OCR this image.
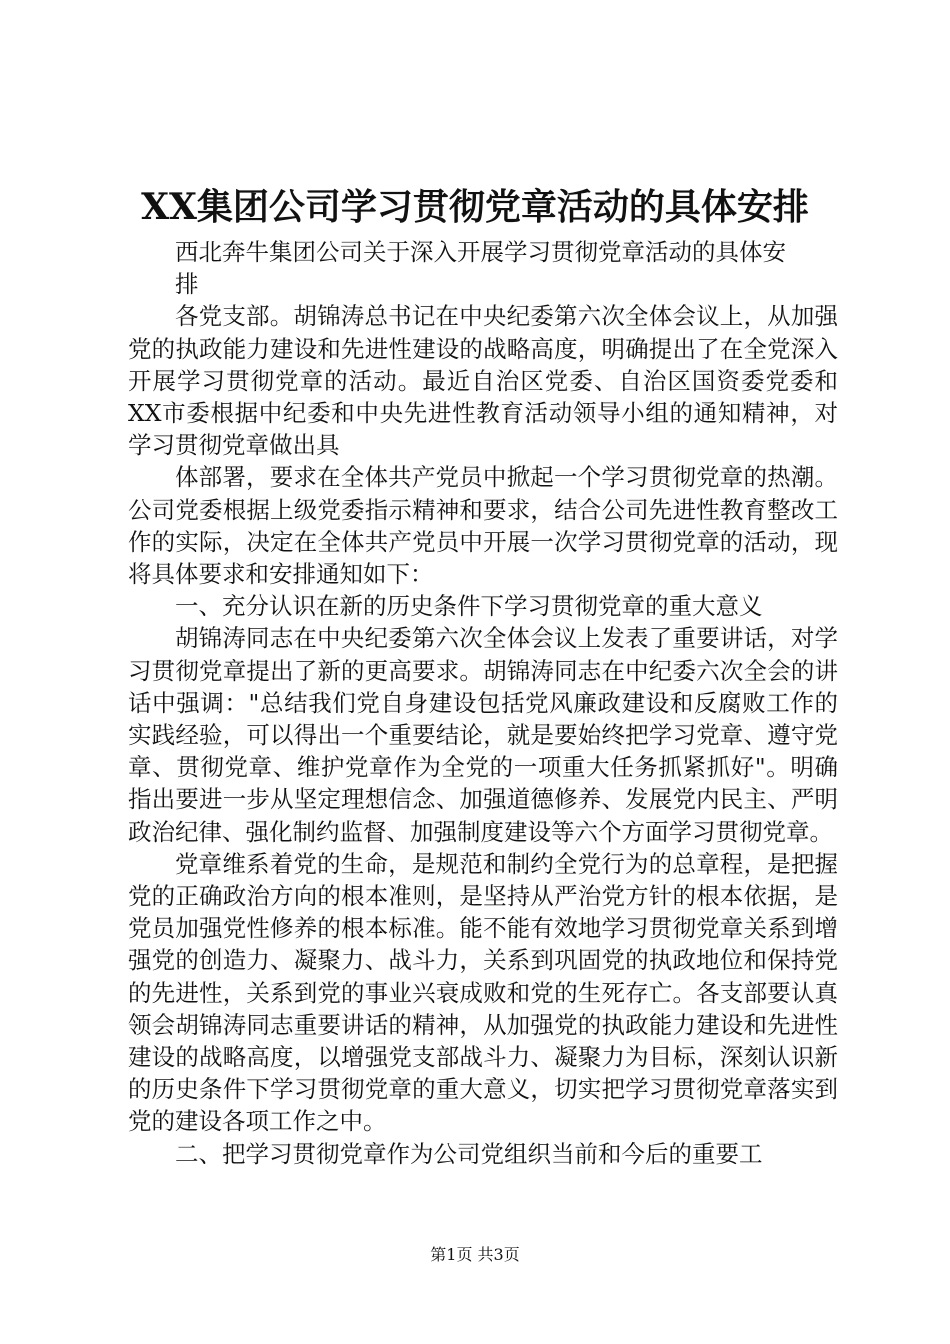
XX集团公司学习贯彻党章活动的具体安排

西北奔牛集团公司关于深入开展学习贯彻党章活动的具体安排

各党支部。胡锦涛总书记在中央纪委第六次全体会议上，从加强党的执政能力建设和先进性建设的战略高度，明确提出了在全党深入开展学习贯彻党章的活动。最近自治区党委、自治区国资委党委和XX市委根据中纪委和中央先进性教育活动领导小组的通知精神，对学习贯彻党章做出具

体部署，要求在全体共产党员中掀起一个学习贯彻党章的热潮。公司党委根据上级党委指示精神和要求，结合公司先进性教育整改工作的实际，决定在全体共产党员中开展一次学习贯彻党章的活动，现将具体要求和安排通知如下：

一、充分认识在新的历史条件下学习贯彻党章的重大意义

胡锦涛同志在中央纪委第六次全体会议上发表了重要讲话，对学习贯彻党章提出了新的更高要求。胡锦涛同志在中纪委六次全会的讲话中强调："总结我们党自身建设包括党风廉政建设和反腐败工作的实践经验，可以得出一个重要结论，就是要始终把学习党章、遵守党章、贯彻党章、维护党章作为全党的一项重大任务抓紧抓好"。明确指出要进一步从坚定理想信念、加强道德修养、发展党内民主、严明政治纪律、强化制约监督、加强制度建设等六个方面学习贯彻党章。

党章维系着党的生命，是规范和制约全党行为的总章程，是把握党的正确政治方向的根本准则，是坚持从严治党方针的根本依据，是党员加强党性修养的根本标准。能不能有效地学习贯彻党章关系到增强党的创造力、凝聚力、战斗力，关系到巩固党的执政地位和保持党的先进性，关系到党的事业兴衰成败和党的生死存亡。各支部要认真领会胡锦涛同志重要讲话的精神，从加强党的执政能力建设和先进性建设的战略高度，以增强党支部战斗力、凝聚力为目标，深刻认识新的历史条件下学习贯彻党章的重大意义，切实把学习贯彻党章落实到党的建设各项工作之中。

二、把学习贯彻党章作为公司党组织当前和今后的重要工

第1页 共3页
